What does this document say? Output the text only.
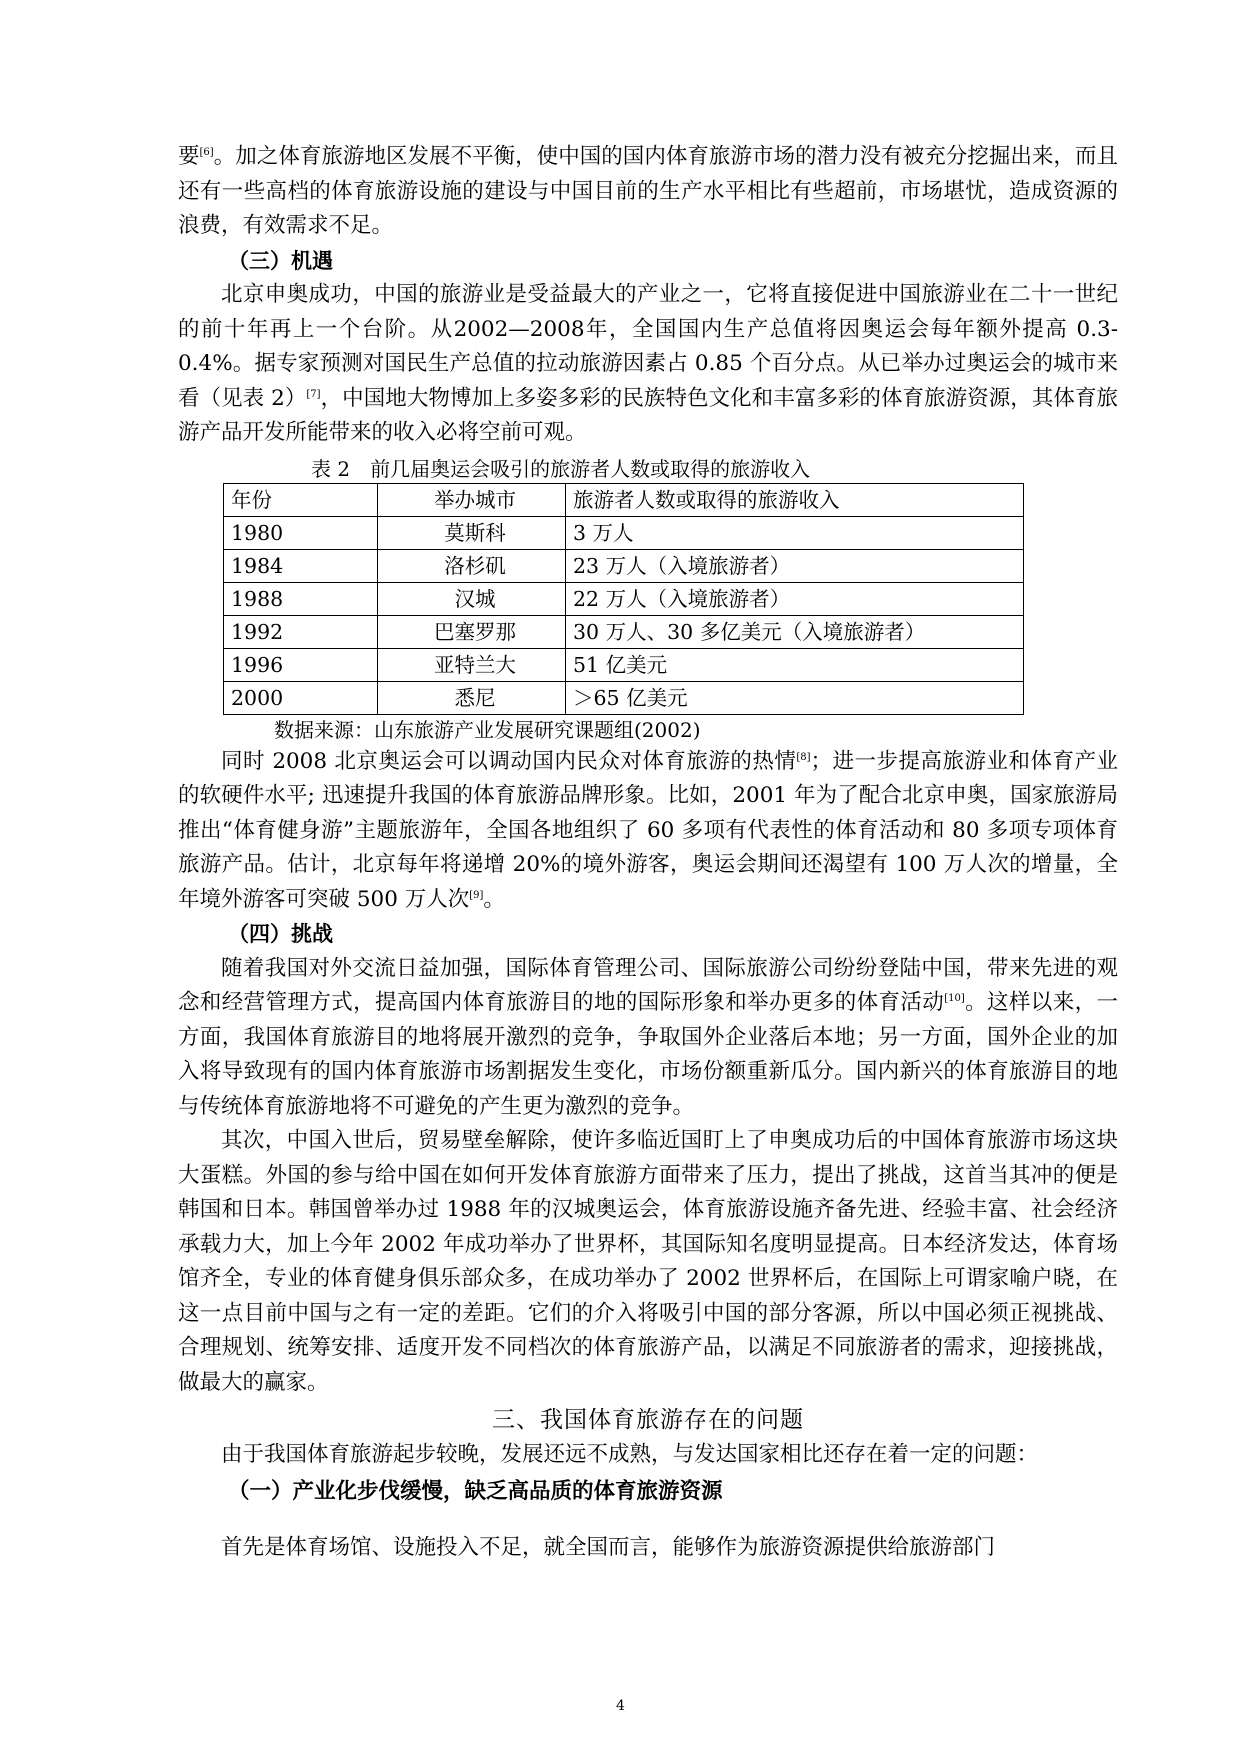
要[6]。加之体育旅游地区发展不平衡，使中国的国内体育旅游市场的潜力没有被充分挖掘出来，而且还有一些高档的体育旅游设施的建设与中国目前的生产水平相比有些超前，市场堪忧，造成资源的浪费，有效需求不足。

（三）机遇

北京申奥成功，中国的旅游业是受益最大的产业之一，它将直接促进中国旅游业在二十一世纪的前十年再上一个台阶。从2002—2008年，全国国内生产总值将因奥运会每年额外提高 0.3-0.4%。据专家预测对国民生产总值的拉动旅游因素占 0.85 个百分点。从已举办过奥运会的城市来看（见表 2）[7]，中国地大物博加上多姿多彩的民族特色文化和丰富多彩的体育旅游资源，其体育旅游产品开发所能带来的收入必将空前可观。

表 2　前几届奥运会吸引的旅游者人数或取得的旅游收入
年份	举办城市	旅游者人数或取得的旅游收入
1980	莫斯科	3 万人
1984	洛杉矶	23 万人（入境旅游者）
1988	汉城	22 万人（入境旅游者）
1992	巴塞罗那	30 万人、30 多亿美元（入境旅游者）
1996	亚特兰大	51 亿美元
2000	悉尼	＞65 亿美元
数据来源：山东旅游产业发展研究课题组(2002)

同时 2008 北京奥运会可以调动国内民众对体育旅游的热情[8]；进一步提高旅游业和体育产业的软硬件水平; 迅速提升我国的体育旅游品牌形象。比如，2001 年为了配合北京申奥，国家旅游局推出“体育健身游”主题旅游年，全国各地组织了 60 多项有代表性的体育活动和 80 多项专项体育旅游产品。估计，北京每年将递增 20%的境外游客，奥运会期间还渴望有 100 万人次的增量，全年境外游客可突破 500 万人次[9]。

（四）挑战

随着我国对外交流日益加强，国际体育管理公司、国际旅游公司纷纷登陆中国，带来先进的观念和经营管理方式，提高国内体育旅游目的地的国际形象和举办更多的体育活动[10]。这样以来，一方面，我国体育旅游目的地将展开激烈的竞争，争取国外企业落后本地；另一方面，国外企业的加入将导致现有的国内体育旅游市场割据发生变化，市场份额重新瓜分。国内新兴的体育旅游目的地与传统体育旅游地将不可避免的产生更为激烈的竞争。

其次，中国入世后，贸易壁垒解除，使许多临近国盯上了申奥成功后的中国体育旅游市场这块大蛋糕。外国的参与给中国在如何开发体育旅游方面带来了压力，提出了挑战，这首当其冲的便是韩国和日本。韩国曾举办过 1988 年的汉城奥运会，体育旅游设施齐备先进、经验丰富、社会经济承载力大，加上今年 2002 年成功举办了世界杯，其国际知名度明显提高。日本经济发达，体育场馆齐全，专业的体育健身俱乐部众多，在成功举办了 2002 世界杯后，在国际上可谓家喻户晓，在这一点目前中国与之有一定的差距。它们的介入将吸引中国的部分客源，所以中国必须正视挑战、合理规划、统筹安排、适度开发不同档次的体育旅游产品，以满足不同旅游者的需求，迎接挑战，做最大的赢家。

三、我国体育旅游存在的问题

由于我国体育旅游起步较晚，发展还远不成熟，与发达国家相比还存在着一定的问题：

（一）产业化步伐缓慢，缺乏高品质的体育旅游资源

首先是体育场馆、设施投入不足，就全国而言，能够作为旅游资源提供给旅游部门

4
